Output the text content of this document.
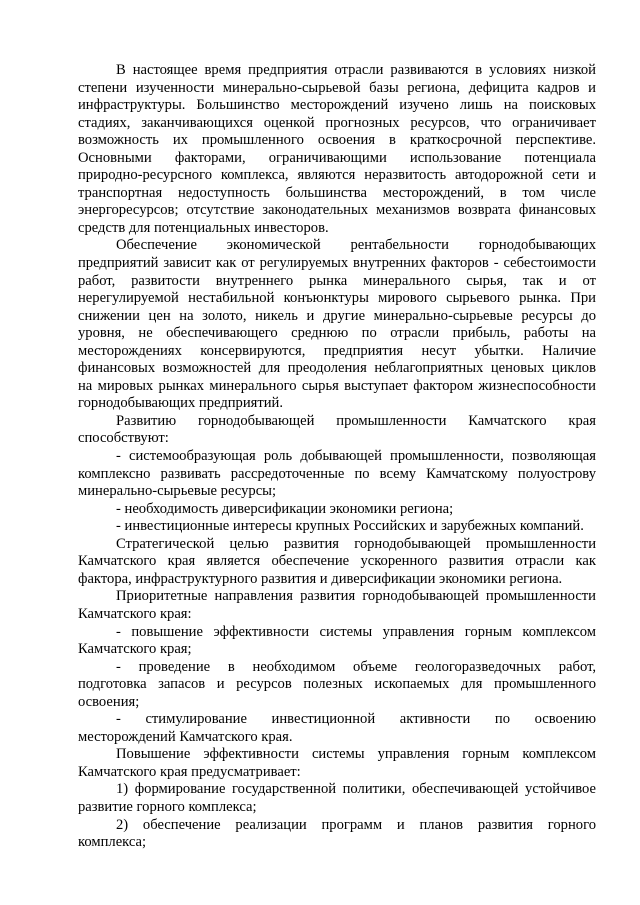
В настоящее время предприятия отрасли развиваются в условиях низкой
степени изученности минерально-сырьевой базы региона, дефицита кадров и
инфраструктуры. Большинство месторождений изучено лишь на поисковых
стадиях, заканчивающихся оценкой прогнозных ресурсов, что ограничивает
возможность их промышленного освоения в краткосрочной перспективе.
Основными факторами, ограничивающими использование потенциала
природно-ресурсного комплекса, являются неразвитость автодорожной сети и
транспортная недоступность большинства месторождений, в том числе
энергоресурсов; отсутствие законодательных механизмов возврата финансовых
средств для потенциальных инвесторов.
Обеспечение экономической рентабельности горнодобывающих
предприятий зависит как от регулируемых внутренних факторов - себестоимости
работ, развитости внутреннего рынка минерального сырья, так и от
нерегулируемой нестабильной конъюнктуры мирового сырьевого рынка. При
снижении цен на золото, никель и другие минерально-сырьевые ресурсы до
уровня, не обеспечивающего среднюю по отрасли прибыль, работы на
месторождениях консервируются, предприятия несут убытки. Наличие
финансовых возможностей для преодоления неблагоприятных ценовых циклов
на мировых рынках минерального сырья выступает фактором жизнеспособности
горнодобывающих предприятий.
Развитию горнодобывающей промышленности Камчатского края
способствуют:
- системообразующая роль добывающей промышленности, позволяющая
комплексно развивать рассредоточенные по всему Камчатскому полуострову
минерально-сырьевые ресурсы;
- необходимость диверсификации экономики региона;
- инвестиционные интересы крупных Российских и зарубежных компаний.
Стратегической целью развития горнодобывающей промышленности
Камчатского края является обеспечение ускоренного развития отрасли как
фактора, инфраструктурного развития и диверсификации экономики региона.
Приоритетные направления развития горнодобывающей промышленности
Камчатского края:
- повышение эффективности системы управления горным комплексом
Камчатского края;
- проведение в необходимом объеме геологоразведочных работ,
подготовка запасов и ресурсов полезных ископаемых для промышленного
освоения;
- стимулирование инвестиционной активности по освоению
месторождений Камчатского края.
Повышение эффективности системы управления горным комплексом
Камчатского края предусматривает:
1) формирование государственной политики, обеспечивающей устойчивое
развитие горного комплекса;
2) обеспечение реализации программ и планов развития горного
комплекса;
